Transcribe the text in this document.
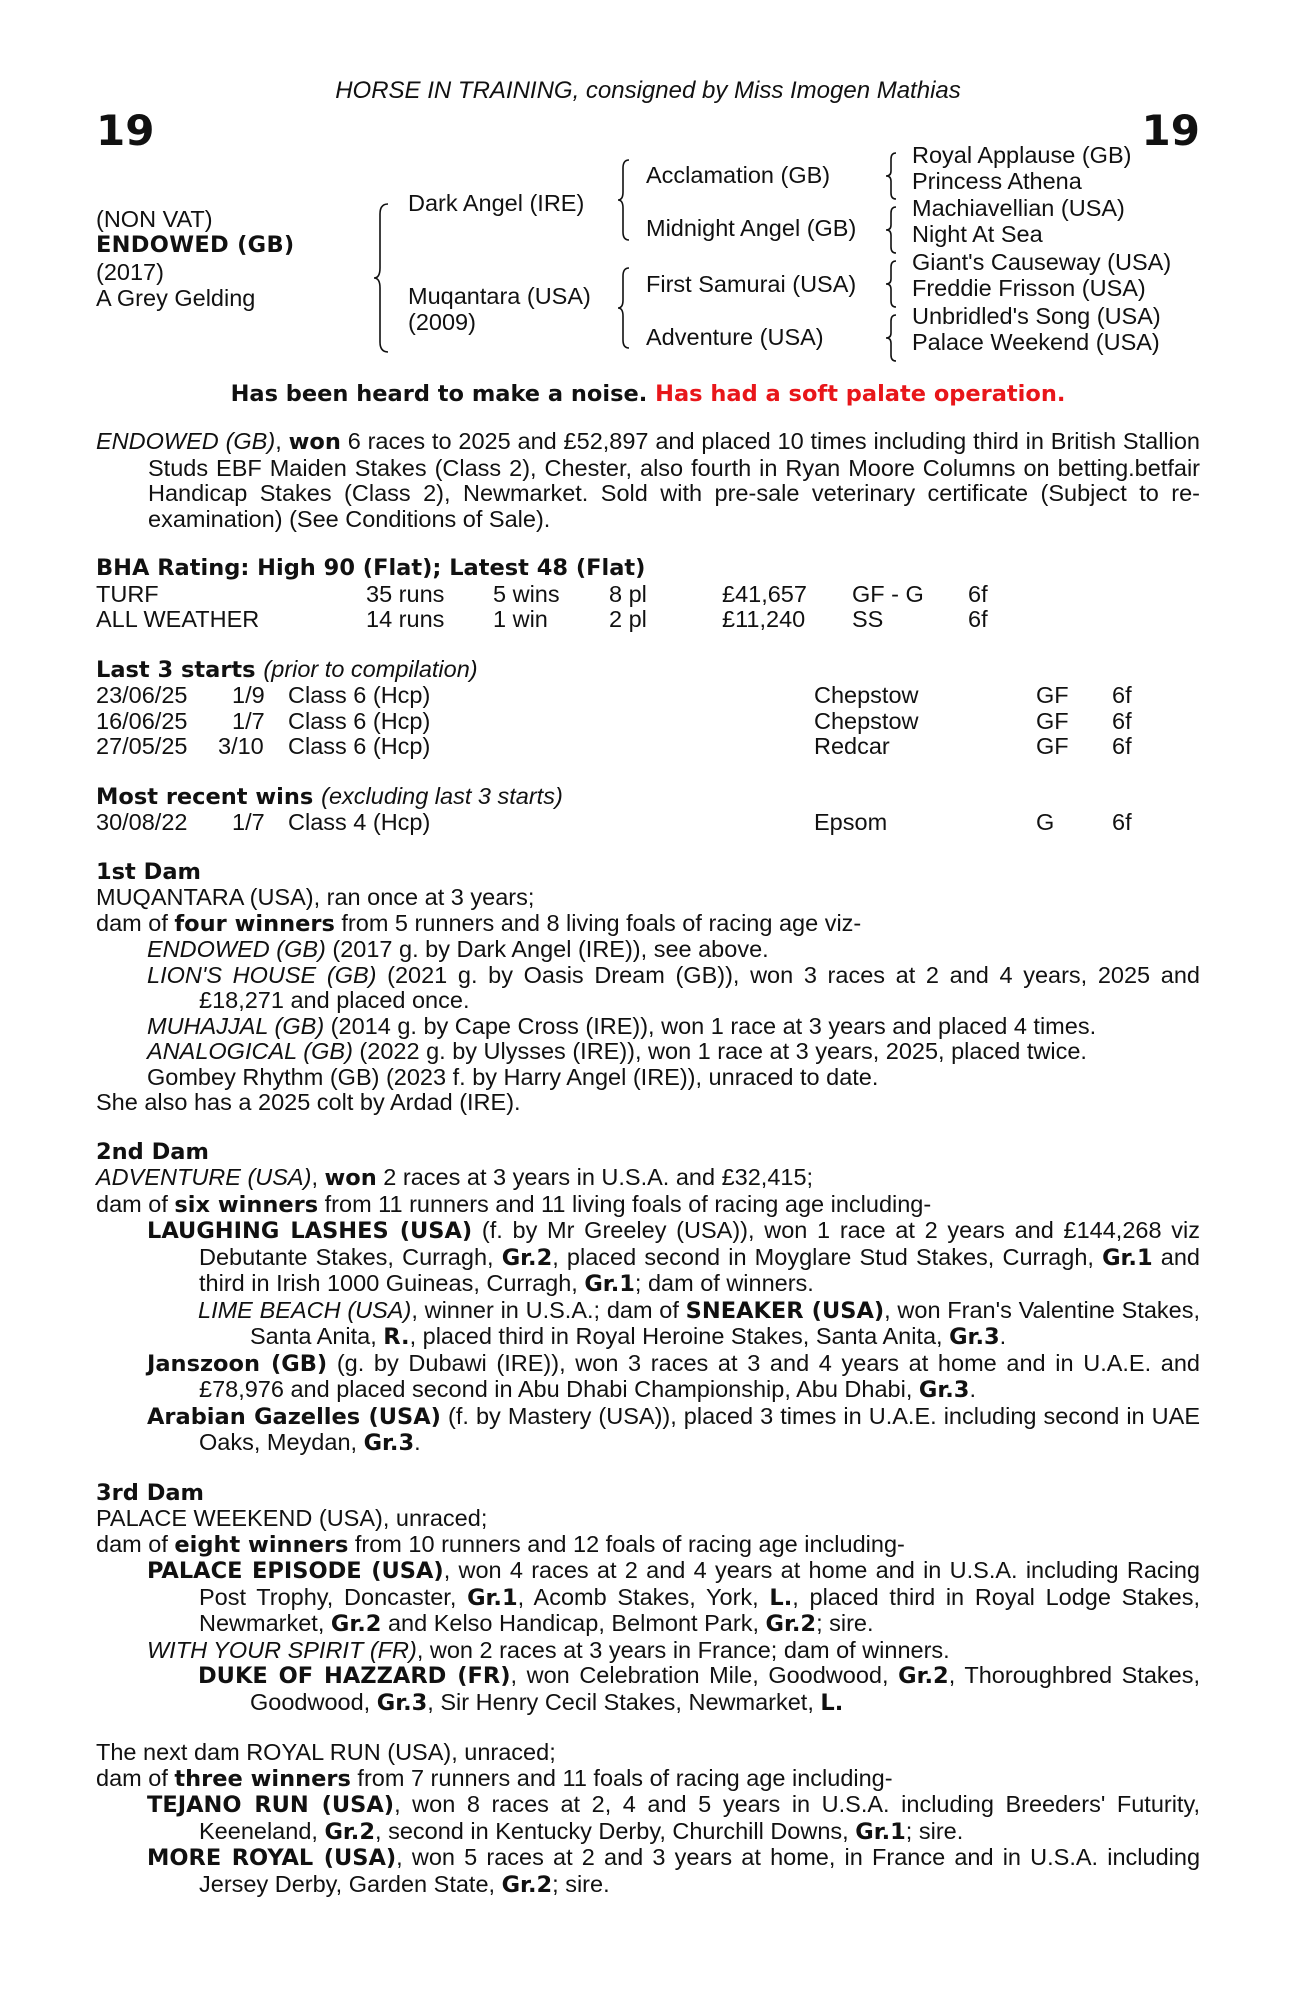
HORSE IN TRAINING, consigned by Miss Imogen Mathias
19	19
(NON VAT)
ENDOWED (GB)
(2017)
A Grey Gelding
Dark Angel (IRE)
Muqantara (USA)
(2009)
Acclamation (GB)
Midnight Angel (GB)
First Samurai (USA)
Adventure (USA)
Royal Applause (GB)
Princess Athena
Machiavellian (USA)
Night At Sea
Giant's Causeway (USA)
Freddie Frisson (USA)
Unbridled's Song (USA)
Palace Weekend (USA)
Has been heard to make a noise. Has had a soft palate operation.
ENDOWED (GB), won 6 races to 2025 and £52,897 and placed 10 times including third in British Stallion Studs EBF Maiden Stakes (Class 2), Chester, also fourth in Ryan Moore Columns on betting.betfair Handicap Stakes (Class 2), Newmarket. Sold with pre-sale veterinary certificate (Subject to re-examination) (See Conditions of Sale).
BHA Rating: High 90 (Flat); Latest 48 (Flat)
TURF	35 runs 5 wins 8 pl	£41,657 GF - G 6f
ALL WEATHER	14 runs 1 win	2 pl	£11,240 SS	6f
Last 3 starts (prior to compilation)
23/06/25 1/9 Class 6 (Hcp)	Chepstow	GF 6f
16/06/25 1/7 Class 6 (Hcp)	Chepstow	GF 6f
27/05/25 3/10 Class 6 (Hcp)	Redcar	GF 6f
Most recent wins (excluding last 3 starts)
30/08/22 1/7 Class 4 (Hcp)	Epsom	G 6f
1st Dam
MUQANTARA (USA), ran once at 3 years;
dam of four winners from 5 runners and 8 living foals of racing age viz-
ENDOWED (GB) (2017 g. by Dark Angel (IRE)), see above.
LION'S HOUSE (GB) (2021 g. by Oasis Dream (GB)), won 3 races at 2 and 4 years, 2025 and £18,271 and placed once.
MUHAJJAL (GB) (2014 g. by Cape Cross (IRE)), won 1 race at 3 years and placed 4 times.
ANALOGICAL (GB) (2022 g. by Ulysses (IRE)), won 1 race at 3 years, 2025, placed twice.
Gombey Rhythm (GB) (2023 f. by Harry Angel (IRE)), unraced to date.
She also has a 2025 colt by Ardad (IRE).
2nd Dam
ADVENTURE (USA), won 2 races at 3 years in U.S.A. and £32,415;
dam of six winners from 11 runners and 11 living foals of racing age including-
LAUGHING LASHES (USA) (f. by Mr Greeley (USA)), won 1 race at 2 years and £144,268 viz Debutante Stakes, Curragh, Gr.2, placed second in Moyglare Stud Stakes, Curragh, Gr.1 and third in Irish 1000 Guineas, Curragh, Gr.1; dam of winners.
LIME BEACH (USA), winner in U.S.A.; dam of SNEAKER (USA), won Fran's Valentine Stakes, Santa Anita, R., placed third in Royal Heroine Stakes, Santa Anita, Gr.3.
Janszoon (GB) (g. by Dubawi (IRE)), won 3 races at 3 and 4 years at home and in U.A.E. and £78,976 and placed second in Abu Dhabi Championship, Abu Dhabi, Gr.3.
Arabian Gazelles (USA) (f. by Mastery (USA)), placed 3 times in U.A.E. including second in UAE Oaks, Meydan, Gr.3.
3rd Dam
PALACE WEEKEND (USA), unraced;
dam of eight winners from 10 runners and 12 foals of racing age including-
PALACE EPISODE (USA), won 4 races at 2 and 4 years at home and in U.S.A. including Racing Post Trophy, Doncaster, Gr.1, Acomb Stakes, York, L., placed third in Royal Lodge Stakes, Newmarket, Gr.2 and Kelso Handicap, Belmont Park, Gr.2; sire.
WITH YOUR SPIRIT (FR), won 2 races at 3 years in France; dam of winners.
DUKE OF HAZZARD (FR), won Celebration Mile, Goodwood, Gr.2, Thoroughbred Stakes, Goodwood, Gr.3, Sir Henry Cecil Stakes, Newmarket, L.
The next dam ROYAL RUN (USA), unraced;
dam of three winners from 7 runners and 11 foals of racing age including-
TEJANO RUN (USA), won 8 races at 2, 4 and 5 years in U.S.A. including Breeders' Futurity, Keeneland, Gr.2, second in Kentucky Derby, Churchill Downs, Gr.1; sire.
MORE ROYAL (USA), won 5 races at 2 and 3 years at home, in France and in U.S.A. including Jersey Derby, Garden State, Gr.2; sire.
